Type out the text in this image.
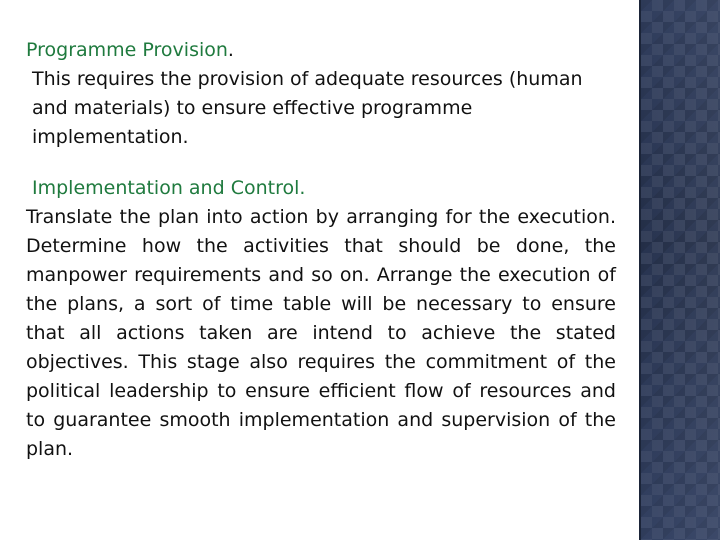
Programme Provision.
This requires the provision of adequate resources (human and materials) to ensure effective programme implementation.

Implementation and Control.
Translate the plan into action by arranging for the execution. Determine how the activities that should be done, the manpower requirements and so on. Arrange the execution of the plans, a sort of time table will be necessary to ensure that all actions taken are intend to achieve the stated objectives. This stage also requires the commitment of the political leadership to ensure efficient flow of resources and to guarantee smooth implementation and supervision of the plan.
